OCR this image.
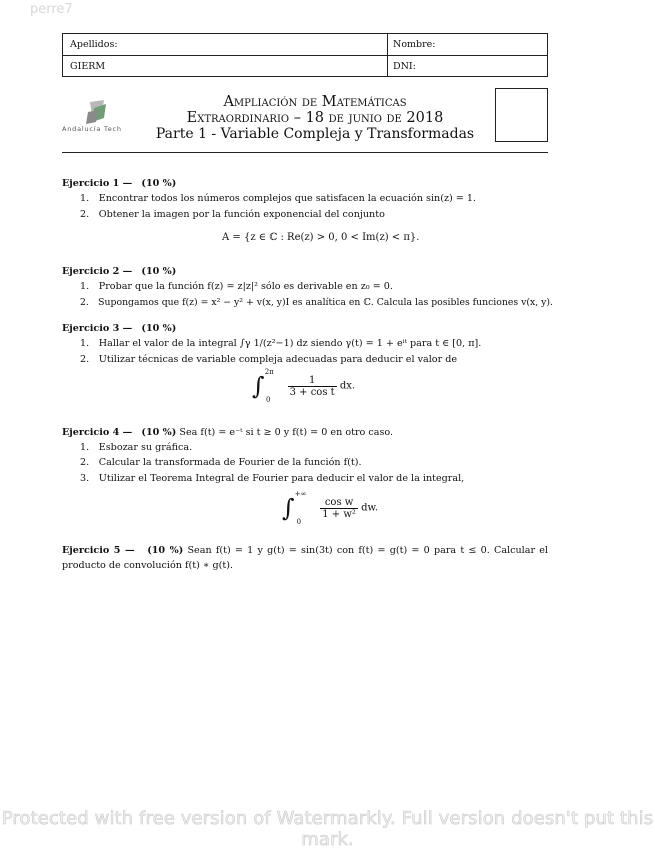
perre7
Apellidos:	Nombre:
GIERM	DNI:
Andalucía Tech
Ampliación de Matemáticas
Extraordinario – 18 de junio de 2018
Parte 1 - Variable Compleja y Transformadas
Ejercicio 1 — (10 %)
1. Encontrar todos los números complejos que satisfacen la ecuación sin(z) = 1.
2. Obtener la imagen por la función exponencial del conjunto
A = {z ∈ ℂ : Re(z) > 0, 0 < Im(z) < π}.
Ejercicio 2 — (10 %)
1. Probar que la función f(z) = z|z|² sólo es derivable en z₀ = 0.
2. Supongamos que f(z) = x² − y² + v(x, y)I es analítica en ℂ. Calcula las posibles funciones v(x, y).
Ejercicio 3 — (10 %)
1. Hallar el valor de la integral ∫γ 1/(z²−1) dz siendo γ(t) = 1 + eⁱᵗ para t ∈ [0, π].
2. Utilizar técnicas de variable compleja adecuadas para deducir el valor de
∫ $^{2\pi}$ $_0$
$\frac{1}{\text{3 + cos t}}$ dx.
Ejercicio 4 — (10 %) Sea f(t) = e⁻ᵗ si t ≥ 0 y f(t) = 0 en otro caso.
1. Esbozar su gráfica.
2. Calcular la transformada de Fourier de la función f(t).
3. Utilizar el Teorema Integral de Fourier para deducir el valor de la integral,
∫ +∞ $_0$
$\frac{\text{cos w}}{\text{1 + w²}}$ dw.
Ejercicio 5 — (10 %) Sean f(t) = 1 y g(t) = sin(3t) con f(t) = g(t) = 0 para t ≤ 0. Calcular el producto de convolución f(t) ∗ g(t).
Protected with free version of Watermarkly. Full version doesn't put this mark.
